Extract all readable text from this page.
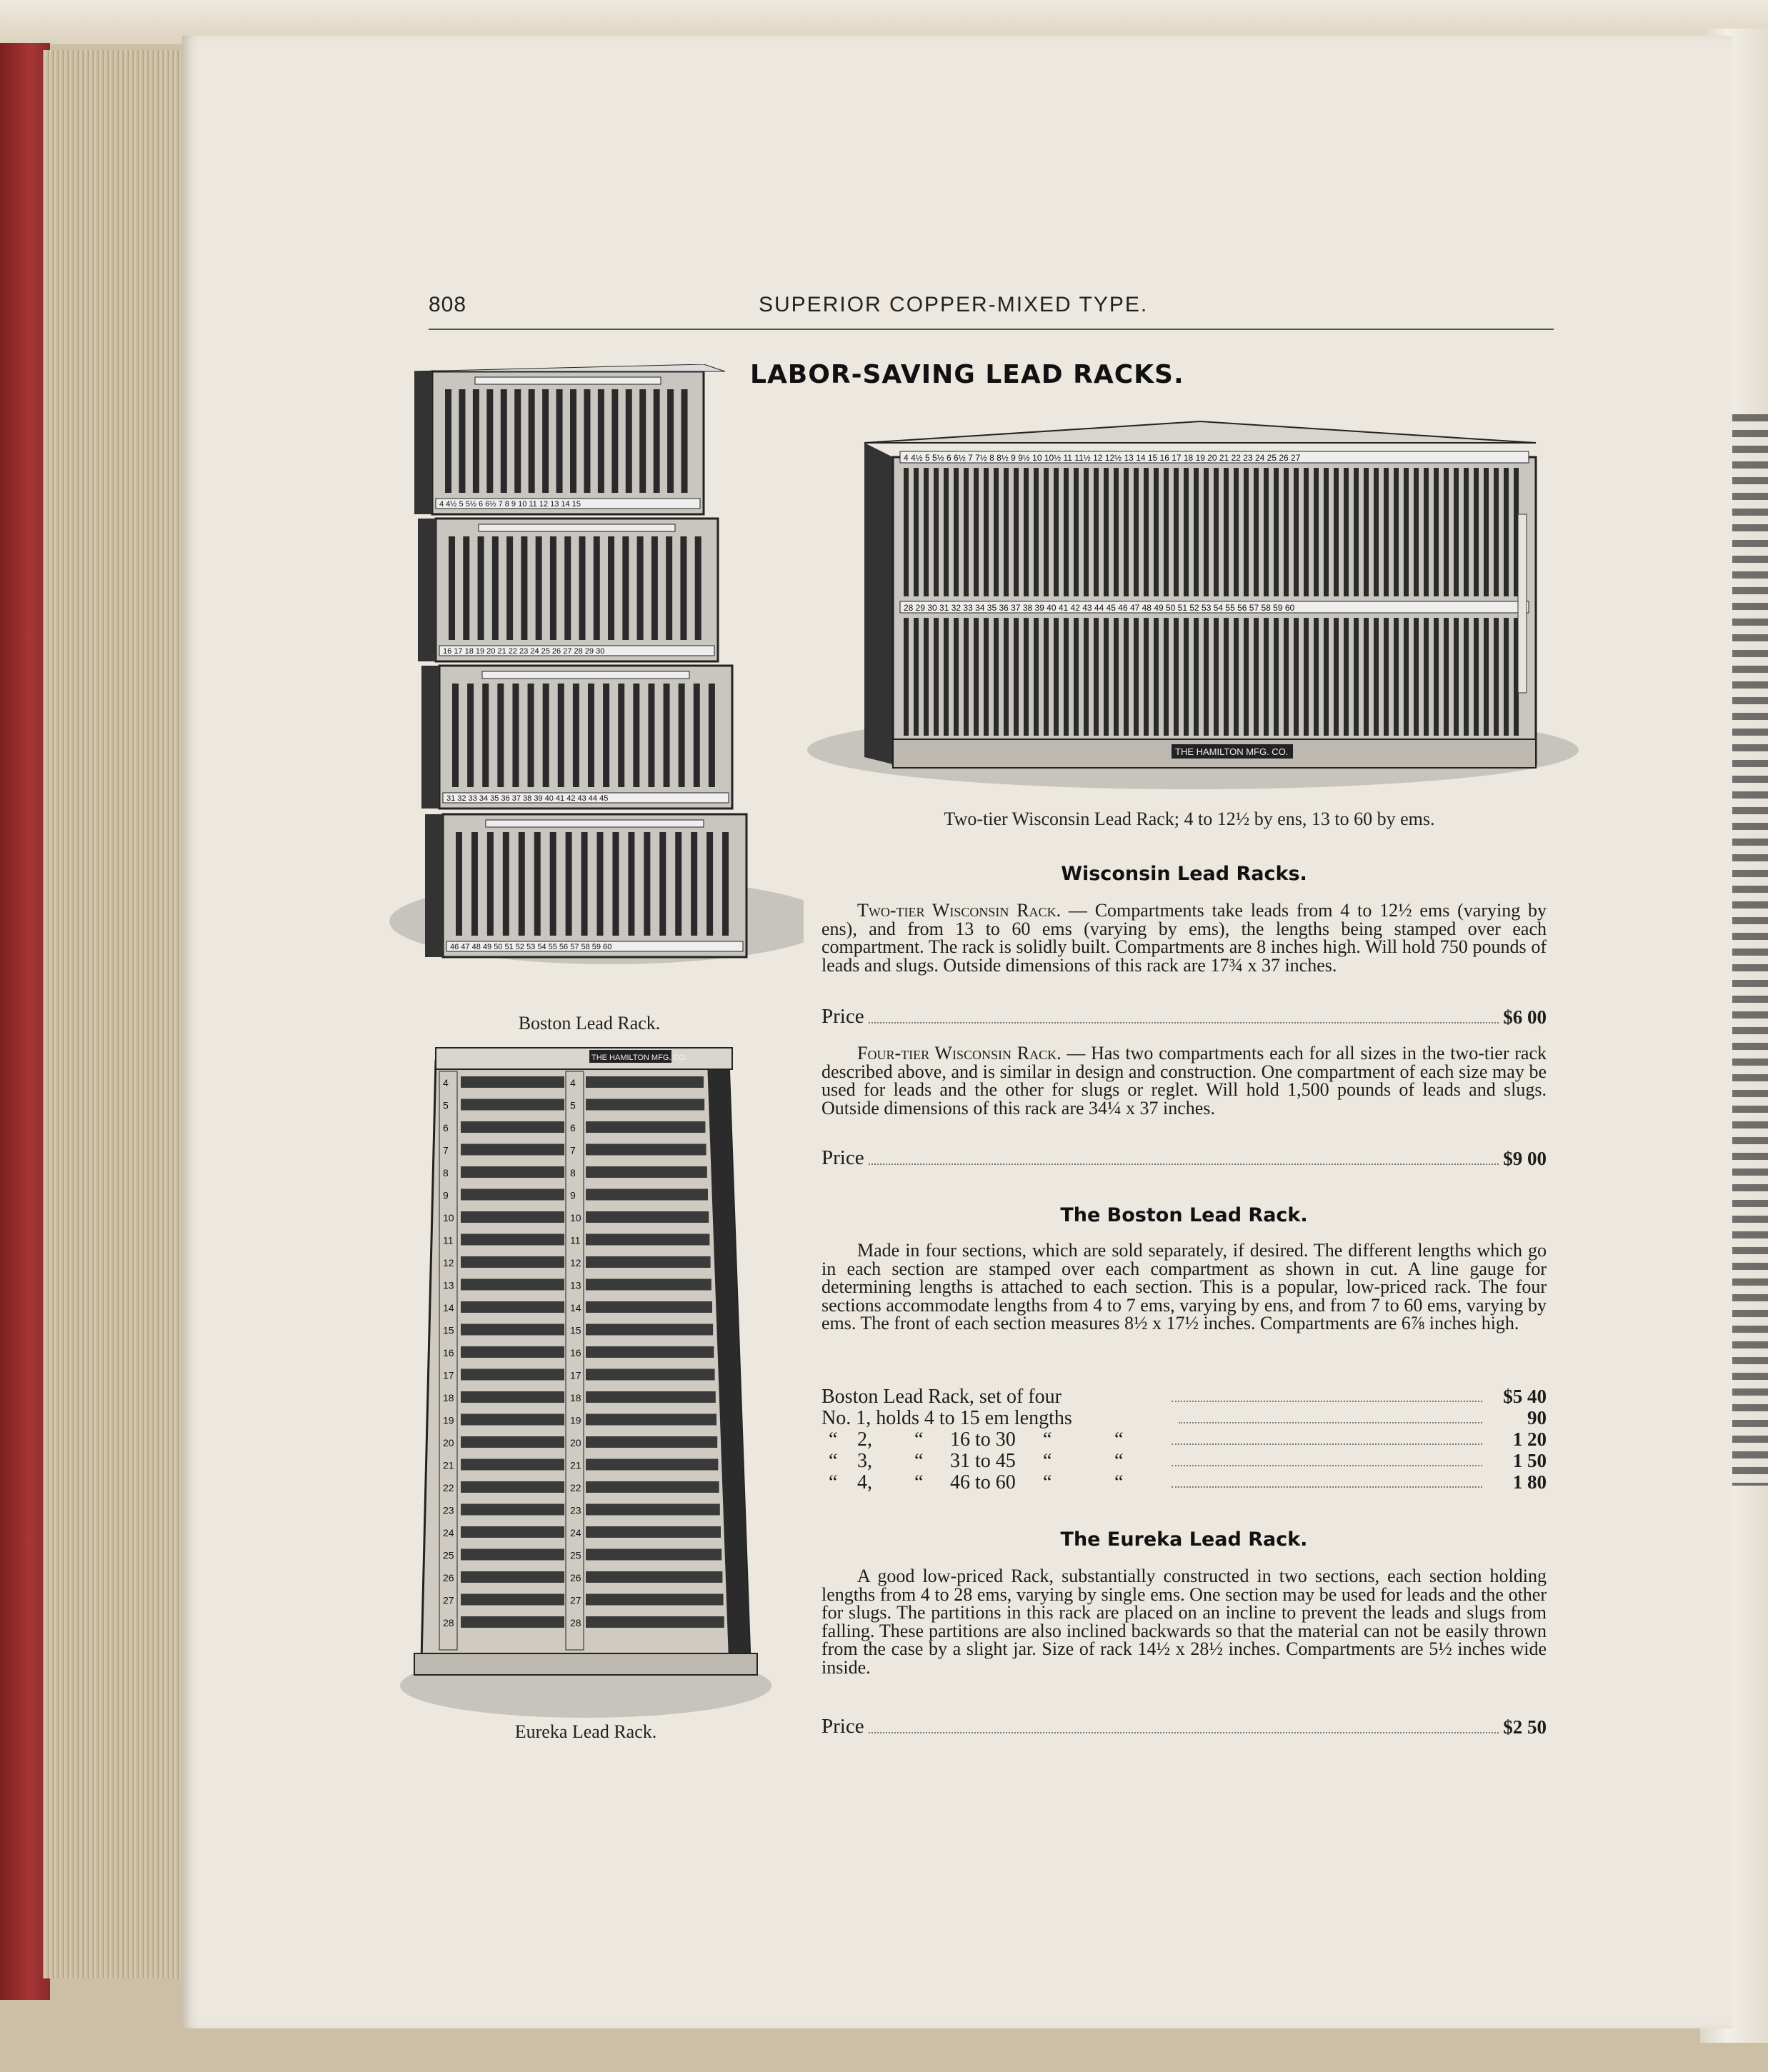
808	SUPERIOR COPPER-MIXED TYPE.
LABOR-SAVING LEAD RACKS.
4 4½ 5 5½ 6 6½ 7 8 9 10 11 12 13 14 15
16 17 18 19 20 21 22 23 24 25 26 27 28 29 30
31 32 33 34 35 36 37 38 39 40 41 42 43 44 45
46 47 48 49 50 51 52 53 54 55 56 57 58 59 60
Boston Lead Rack.
4 4½ 5 5½ 6 6½ 7 7½ 8 8½ 9 9½ 10 10½ 11 11½ 12 12½ 13 14 15 16 17 18 19 20 21 22 23 24 25 26 27
28 29 30 31 32 33 34 35 36 37 38 39 40 41 42 43 44 45 46 47 48 49 50 51 52 53 54 55 56 57 58 59 60
THE HAMILTON MFG. CO.
Two-tier Wisconsin Lead Rack; 4 to 12½ by ens, 13 to 60 by ems.
THE HAMILTON MFG. CO.
4	4
5	5
6	6
7	7
8	8
9	9
10	10
11	11
12	12
13	13
14	14
15	15
16	16
17	17
18	18
19	19
20	20
21	21
22	22
23	23
24	24
25	25
26	26
27	27
28	28
Eureka Lead Rack.
Wisconsin Lead Racks.
Two-tier Wisconsin Rack. — Compartments take leads from 4 to 12½ ems (varying by ens), and from 13 to 60 ems (varying by ems), the lengths being stamped over each compartment. The rack is solidly built. Compartments are 8 inches high. Will hold 750 pounds of leads and slugs. Outside dimensions of this rack are 17¾ x 37 inches.
Price	$6 00
Four-tier Wisconsin Rack. — Has two compartments each for all sizes in the two-tier rack described above, and is similar in design and construction. One compartment of each size may be used for leads and the other for slugs or reglet. Will hold 1,500 pounds of leads and slugs. Outside dimensions of this rack are 34¼ x 37 inches.
Price	$9 00
The Boston Lead Rack.
Made in four sections, which are sold separately, if desired. The different lengths which go in each section are stamped over each compartment as shown in cut. A line gauge for determining lengths is attached to each section. This is a popular, low-priced rack. The four sections accommodate lengths from 4 to 7 ems, varying by ens, and from 7 to 60 ems, varying by ems. The front of each section measures 8½ x 17½ inches. Compartments are 6⅞ inches high.
Boston Lead Rack, set of four	$5 40
No. 1, holds 4 to 15 em lengths	90
“ 2, “ 16 to 30 “	“	1 20
“ 3, “ 31 to 45 “	“	1 50
“ 4, “ 46 to 60 “	“	1 80
The Eureka Lead Rack.
A good low-priced Rack, substantially constructed in two sections, each section holding lengths from 4 to 28 ems, varying by single ems. One section may be used for leads and the other for slugs. The partitions in this rack are placed on an incline to prevent the leads and slugs from falling. These partitions are also inclined backwards so that the material can not be easily thrown from the case by a slight jar. Size of rack 14½ x 28½ inches. Compartments are 5½ inches wide inside.
Price	$2 50
